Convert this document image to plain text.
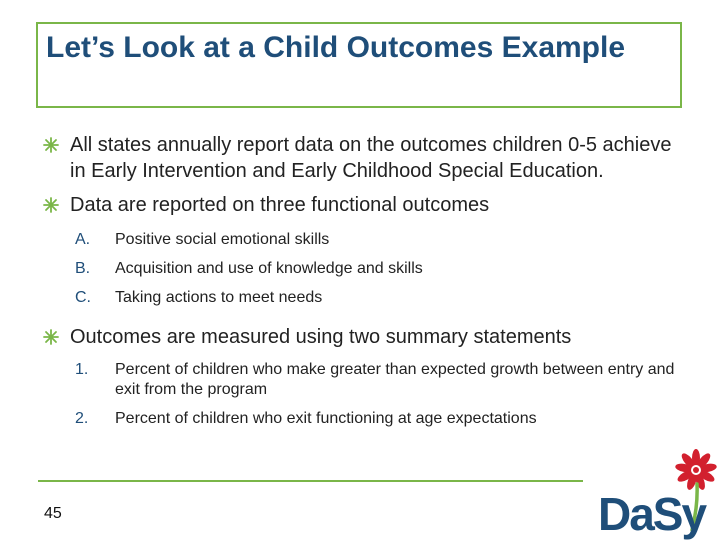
Let’s Look at a Child Outcomes Example
All states annually report data on the outcomes children 0-5 achieve in Early Intervention and Early Childhood Special Education.
Data are reported on three functional outcomes
A. Positive social emotional skills
B. Acquisition and use of knowledge and skills
C. Taking actions to meet needs
Outcomes are measured using two summary statements
1. Percent of children who make greater than expected growth between entry and exit from the program
2. Percent of children who exit functioning at age expectations
45	DaSy
